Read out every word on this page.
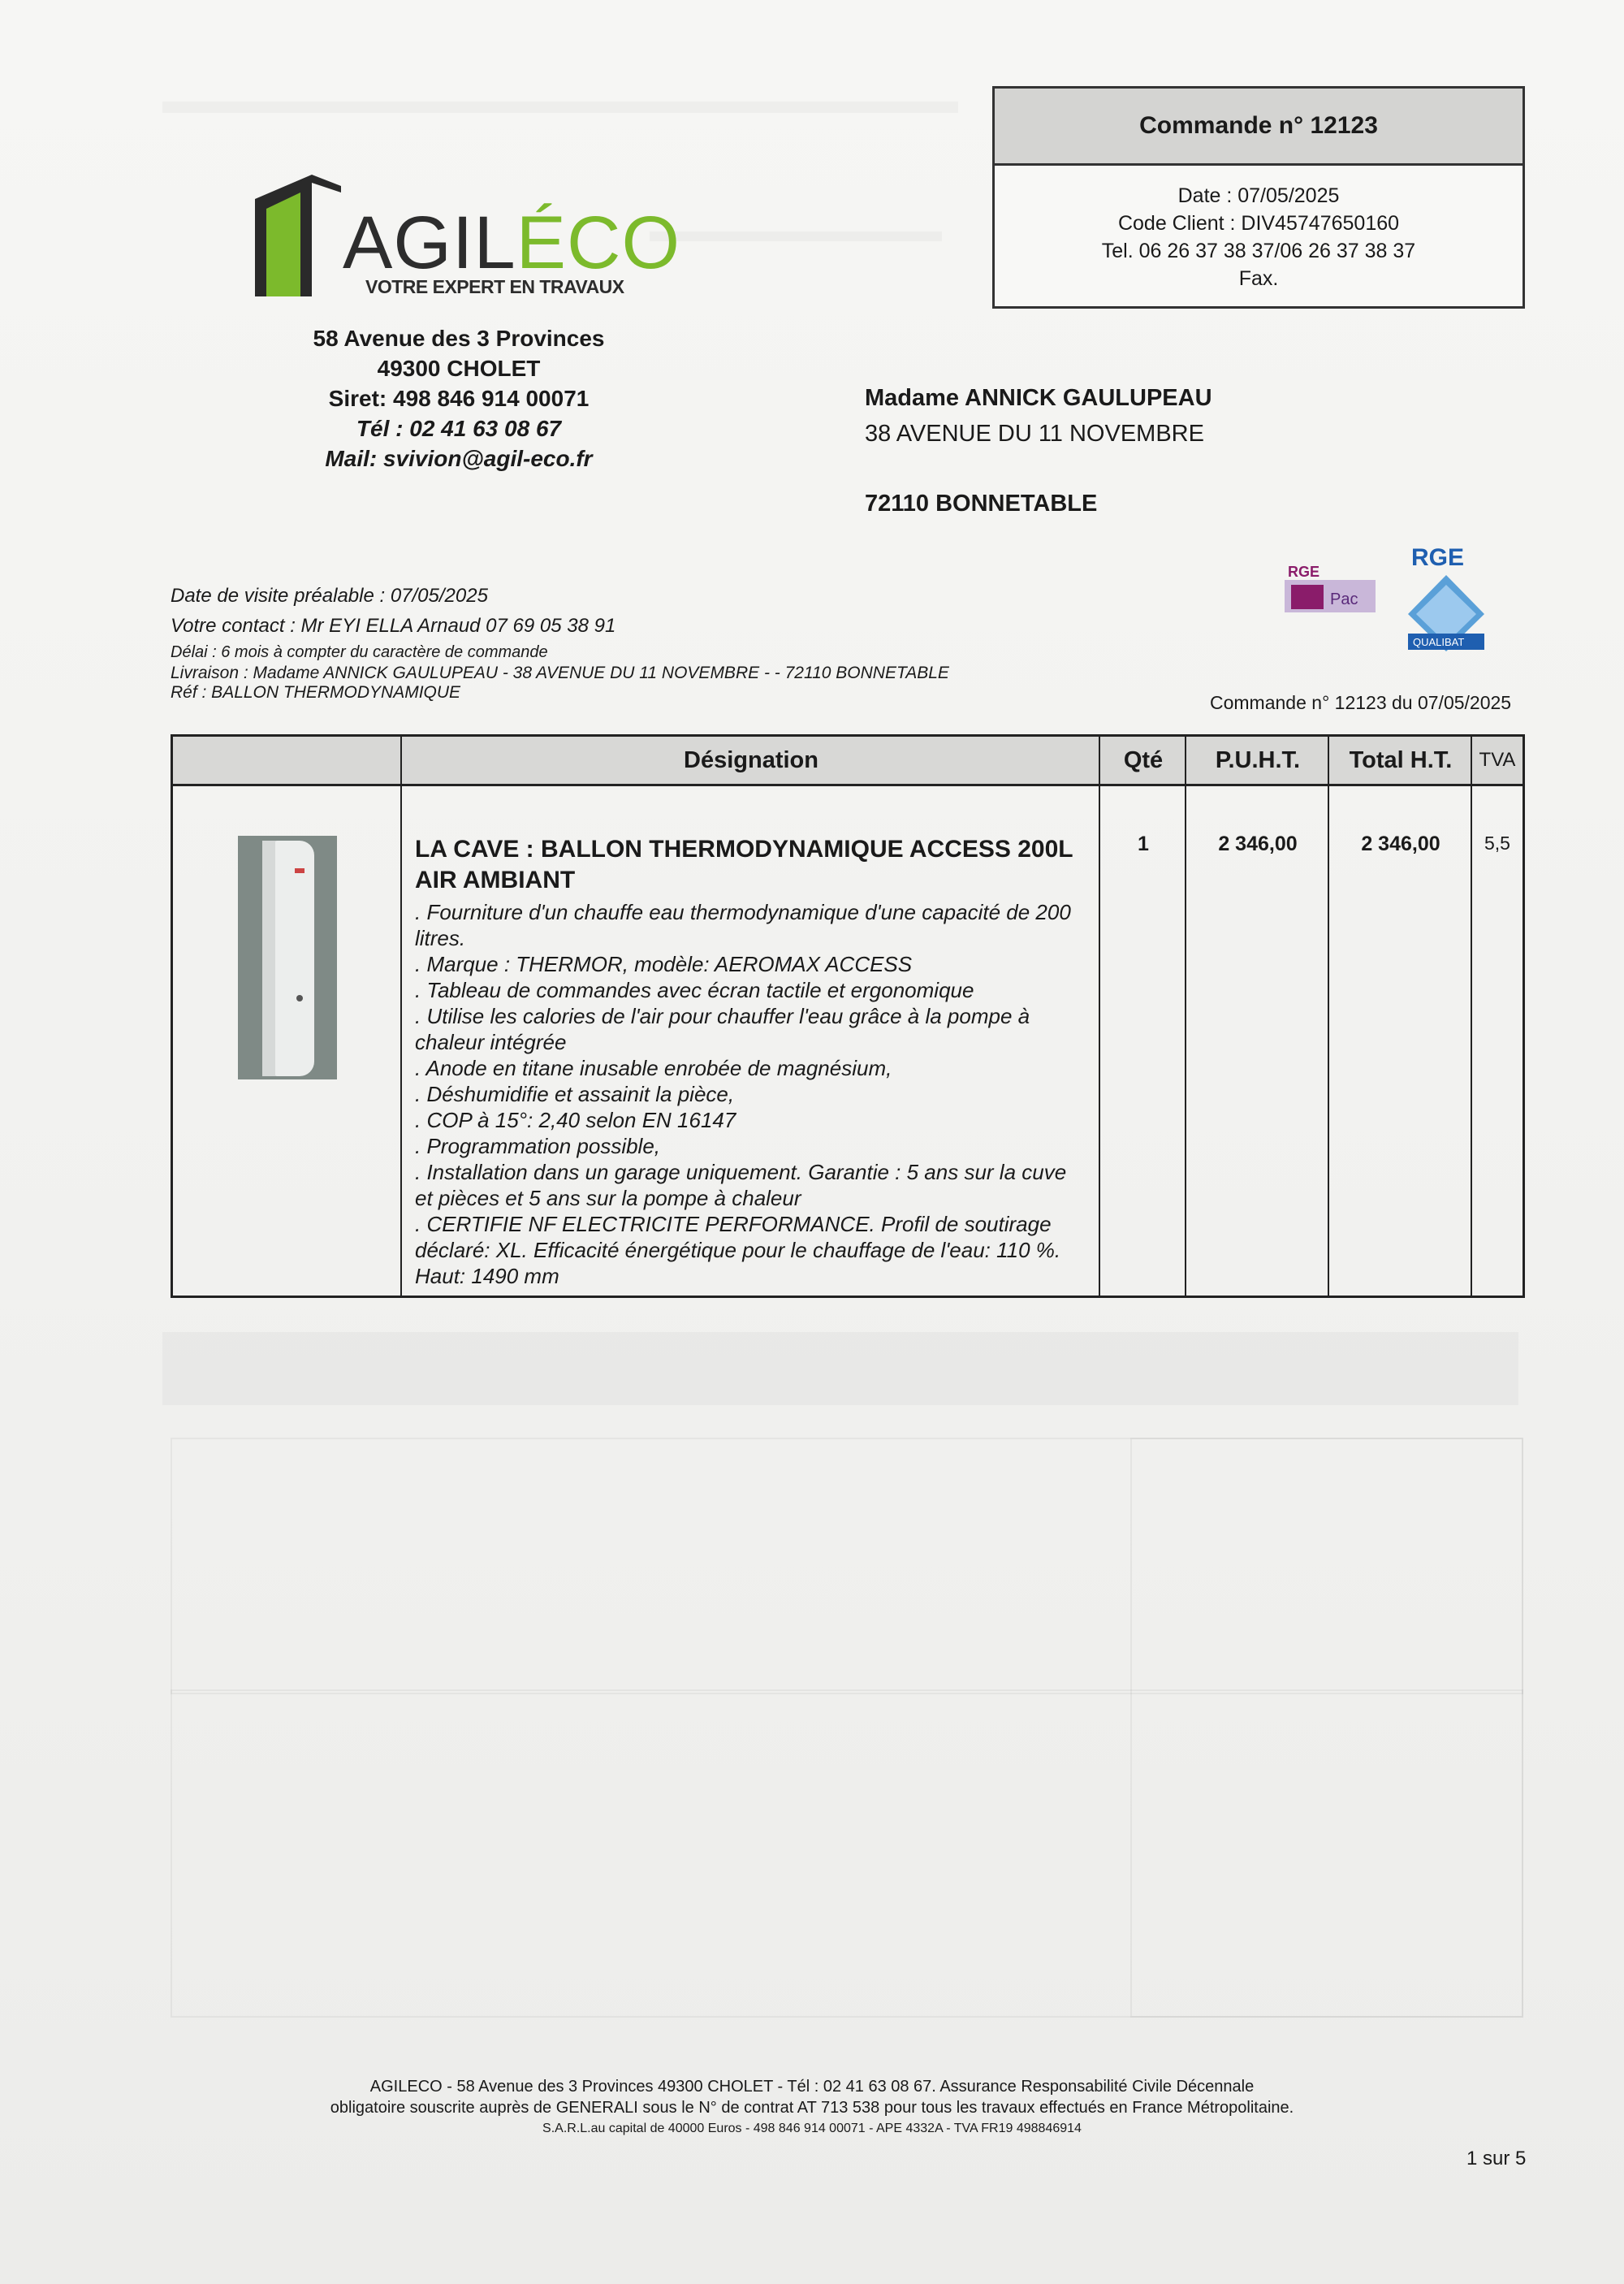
AGILÉCO
VOTRE EXPERT EN TRAVAUX
58 Avenue des 3 Provinces
49300 CHOLET
Siret: 498 846 914 00071
Tél : 02 41 63 08 67
Mail: svivion@agil-eco.fr
Commande n° 12123
Date : 07/05/2025
Code Client : DIV45747650160
Tel. 06 26 37 38 37/06 26 37 38 37
Fax.
Madame ANNICK GAULUPEAU
38 AVENUE DU 11 NOVEMBRE
72110 BONNETABLE
RGE
Pac
RGE
QUALIBAT
Date de visite préalable : 07/05/2025
Votre contact : Mr EYI ELLA Arnaud 07 69 05 38 91
Délai : 6 mois à compter du caractère de commande
Livraison : Madame ANNICK GAULUPEAU - 38 AVENUE DU 11 NOVEMBRE - - 72110 BONNETABLE
Réf : BALLON THERMODYNAMIQUE	Commande n° 12123 du 07/05/2025
Désignation	Qté	P.U.H.T.	Total H.T.	TVA
LA CAVE : BALLON THERMODYNAMIQUE ACCESS 200L AIR AMBIANT
. Fourniture d'un chauffe eau thermodynamique d'une capacité de 200 litres.
. Marque : THERMOR, modèle: AEROMAX ACCESS
. Tableau de commandes avec écran tactile et ergonomique
. Utilise les calories de l'air pour chauffer l'eau grâce à la pompe à chaleur intégrée
. Anode en titane inusable enrobée de magnésium,
. Déshumidifie et assainit la pièce,
. COP à 15°: 2,40 selon EN 16147
. Programmation possible,
. Installation dans un garage uniquement. Garantie : 5 ans sur la cuve et pièces et 5 ans sur la pompe à chaleur
. CERTIFIE NF ELECTRICITE PERFORMANCE. Profil de soutirage déclaré: XL. Efficacité énergétique pour le chauffage de l'eau: 110 %.
Haut: 1490 mm
1	2 346,00	2 346,00	5,5
AGILECO - 58 Avenue des 3 Provinces 49300 CHOLET - Tél : 02 41 63 08 67. Assurance Responsabilité Civile Décennale
obligatoire souscrite auprès de GENERALI sous le N° de contrat AT 713 538 pour tous les travaux effectués en France Métropolitaine.
S.A.R.L.au capital de 40000 Euros - 498 846 914 00071 - APE 4332A - TVA FR19 498846914
1 sur 5
